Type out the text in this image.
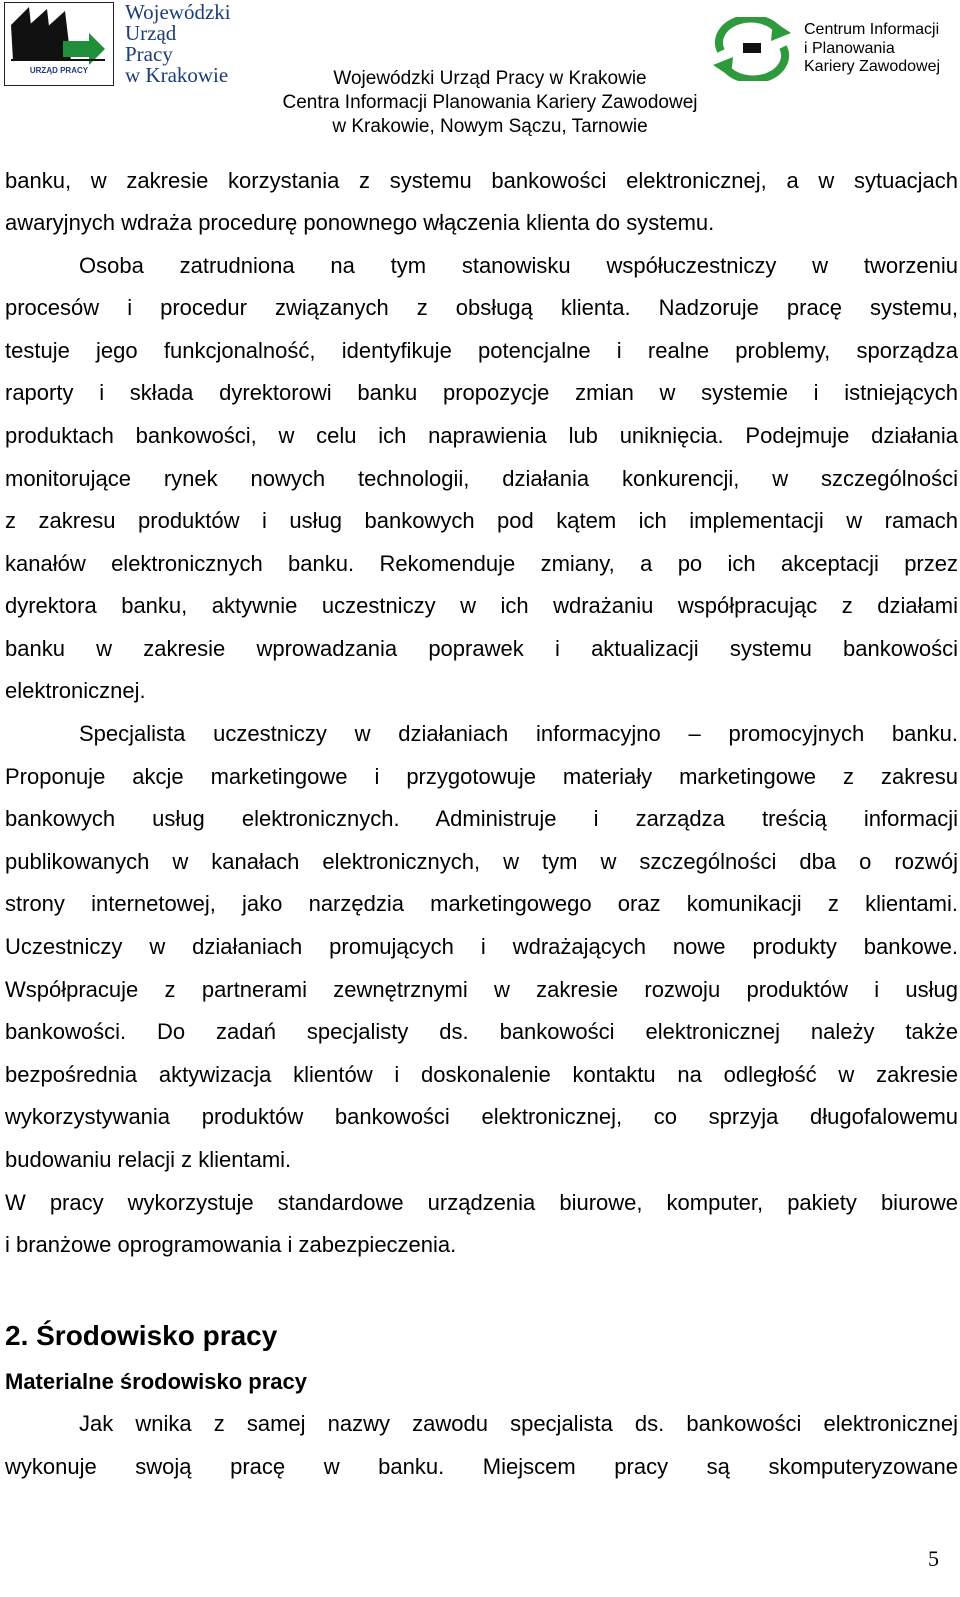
URZĄD PRACY
Wojewódzki
Urząd
Pracy
w Krakowie	Wojewódzki Urząd Pracy w Krakowie
Centra Informacji Planowania Kariery Zawodowej
w Krakowie, Nowym Sączu, Tarnowie
Centrum Informacji
i Planowania
Kariery Zawodowej
banku, w zakresie korzystania z systemu bankowości elektronicznej, a w sytuacjach
awaryjnych wdraża procedurę ponownego włączenia klienta do systemu.
Osoba zatrudniona na tym stanowisku współuczestniczy w tworzeniu
procesów i procedur związanych z obsługą klienta. Nadzoruje pracę systemu,
testuje jego funkcjonalność, identyfikuje potencjalne i realne problemy, sporządza
raporty i składa dyrektorowi banku propozycje zmian w systemie i istniejących
produktach bankowości, w celu ich naprawienia lub uniknięcia. Podejmuje działania
monitorujące rynek nowych technologii, działania konkurencji, w szczególności
z zakresu produktów i usług bankowych pod kątem ich implementacji w ramach
kanałów elektronicznych banku. Rekomenduje zmiany, a po ich akceptacji przez
dyrektora banku, aktywnie uczestniczy w ich wdrażaniu współpracując z działami
banku w zakresie wprowadzania poprawek i aktualizacji systemu bankowości
elektronicznej.
Specjalista uczestniczy w działaniach informacyjno – promocyjnych banku.
Proponuje akcje marketingowe i przygotowuje materiały marketingowe z zakresu
bankowych usług elektronicznych. Administruje i zarządza treścią informacji
publikowanych w kanałach elektronicznych, w tym w szczególności dba o rozwój
strony internetowej, jako narzędzia marketingowego oraz komunikacji z klientami.
Uczestniczy w działaniach promujących i wdrażających nowe produkty bankowe.
Współpracuje z partnerami zewnętrznymi w zakresie rozwoju produktów i usług
bankowości. Do zadań specjalisty ds. bankowości elektronicznej należy także
bezpośrednia aktywizacja klientów i doskonalenie kontaktu na odległość w zakresie
wykorzystywania produktów bankowości elektronicznej, co sprzyja długofalowemu
budowaniu relacji z klientami.
W pracy wykorzystuje standardowe urządzenia biurowe, komputer, pakiety biurowe
i branżowe oprogramowania i zabezpieczenia.
2. Środowisko pracy
Materialne środowisko pracy
Jak wnika z samej nazwy zawodu specjalista ds. bankowości elektronicznej
wykonuje swoją pracę w banku. Miejscem pracy są skomputeryzowane
5
